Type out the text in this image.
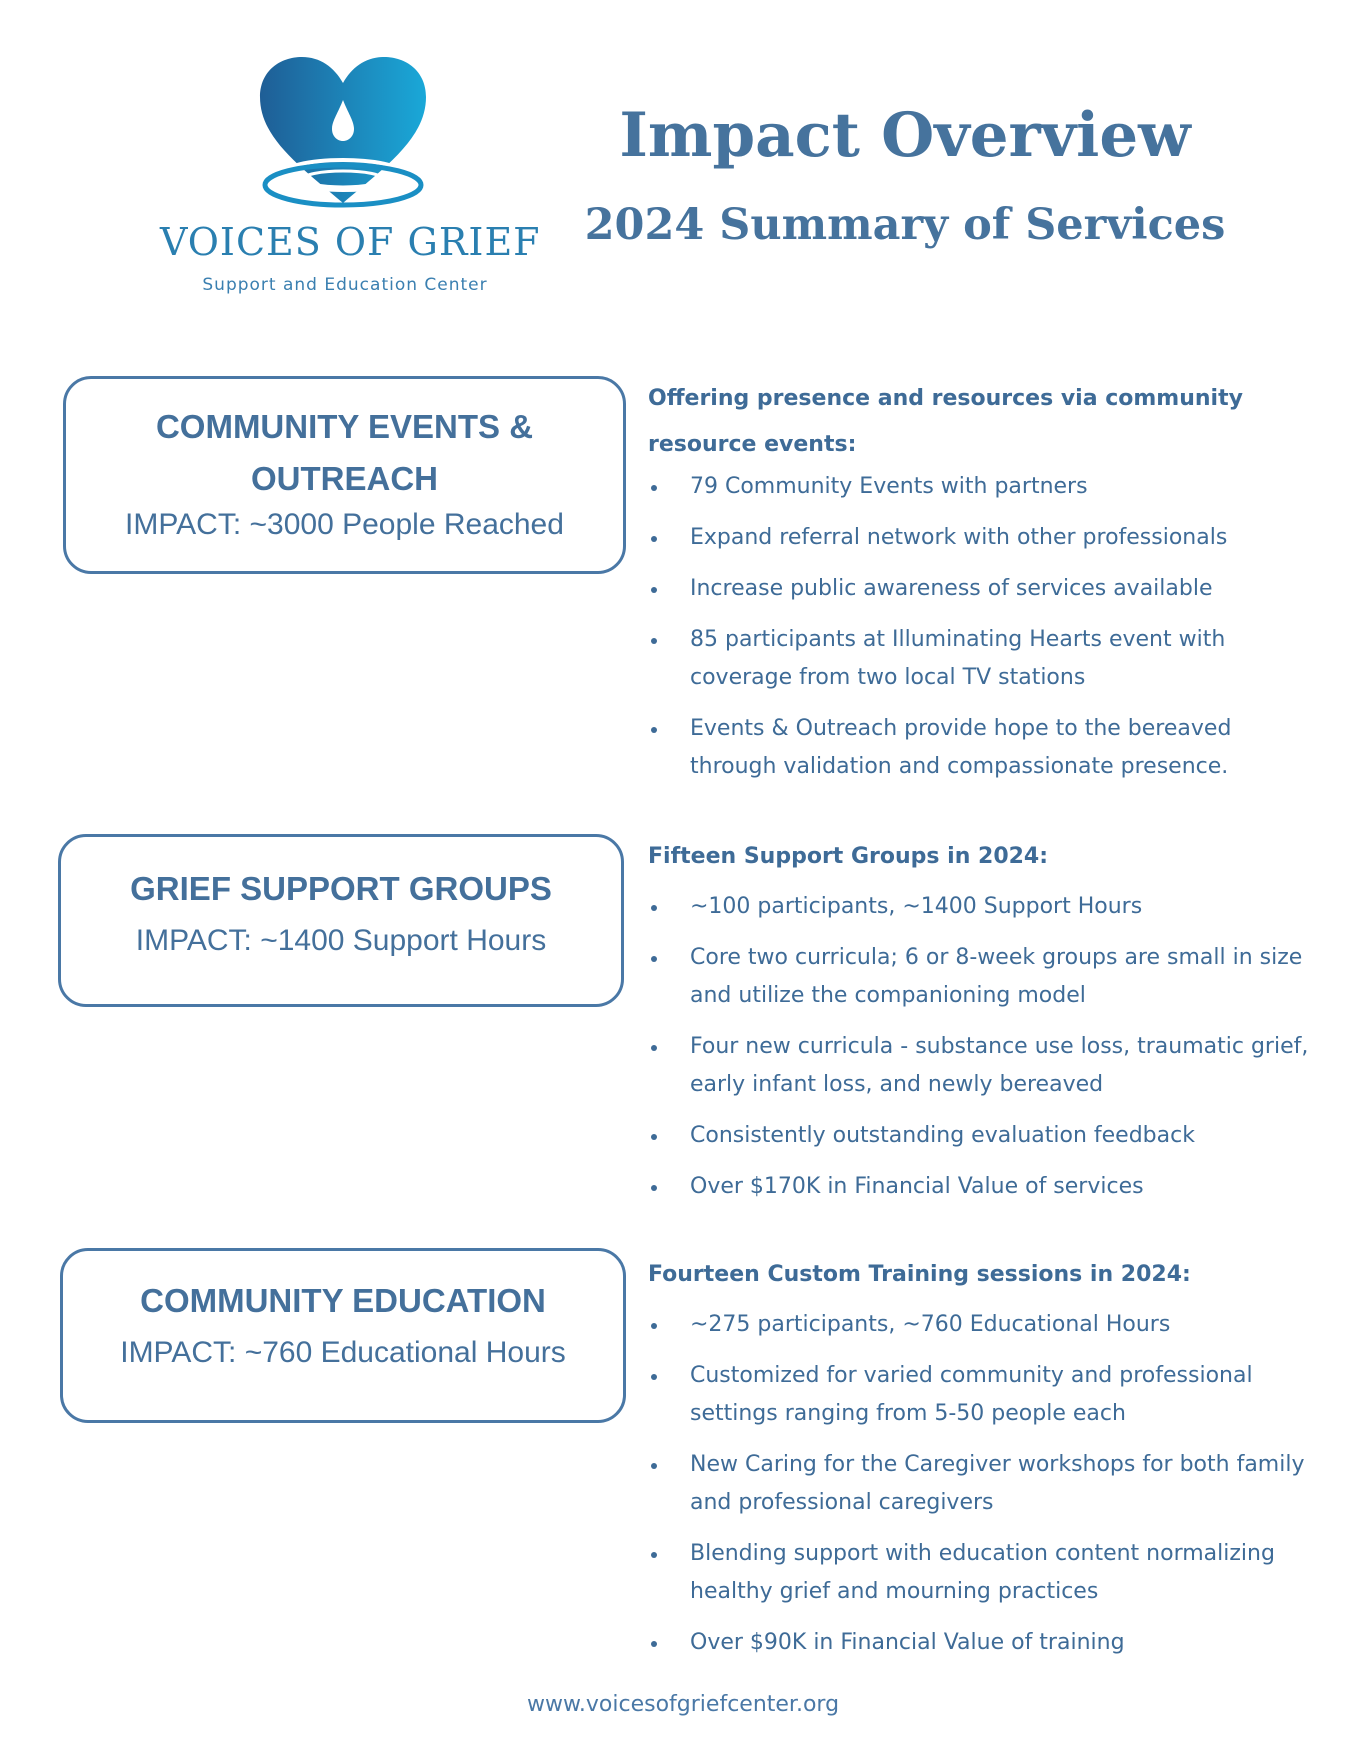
VOICES OF GRIEF
Support and Education Center
Impact Overview
2024 Summary of Services
COMMUNITY EVENTS & OUTREACH
IMPACT: ~3000 People Reached

Offering presence and resources via community resource events:

79 Community Events with partners
Expand referral network with other professionals
Increase public awareness of services available
85 participants at Illuminating Hearts event with coverage from two local TV stations
Events & Outreach provide hope to the bereaved through validation and compassionate presence.
GRIEF SUPPORT GROUPS
IMPACT: ~1400 Support Hours

Fifteen Support Groups in 2024:

~100 participants, ~1400 Support Hours
Core two curricula; 6 or 8-week groups are small in size and utilize the companioning model
Four new curricula - substance use loss, traumatic grief, early infant loss, and newly bereaved
Consistently outstanding evaluation feedback
Over $170K in Financial Value of services
COMMUNITY EDUCATION
IMPACT: ~760 Educational Hours

Fourteen Custom Training sessions in 2024:

~275 participants, ~760 Educational Hours
Customized for varied community and professional settings ranging from 5-50 people each
New Caring for the Caregiver workshops for both family and professional caregivers
Blending support with education content normalizing healthy grief and mourning practices
Over $90K in Financial Value of training
www.voicesofgriefcenter.org
